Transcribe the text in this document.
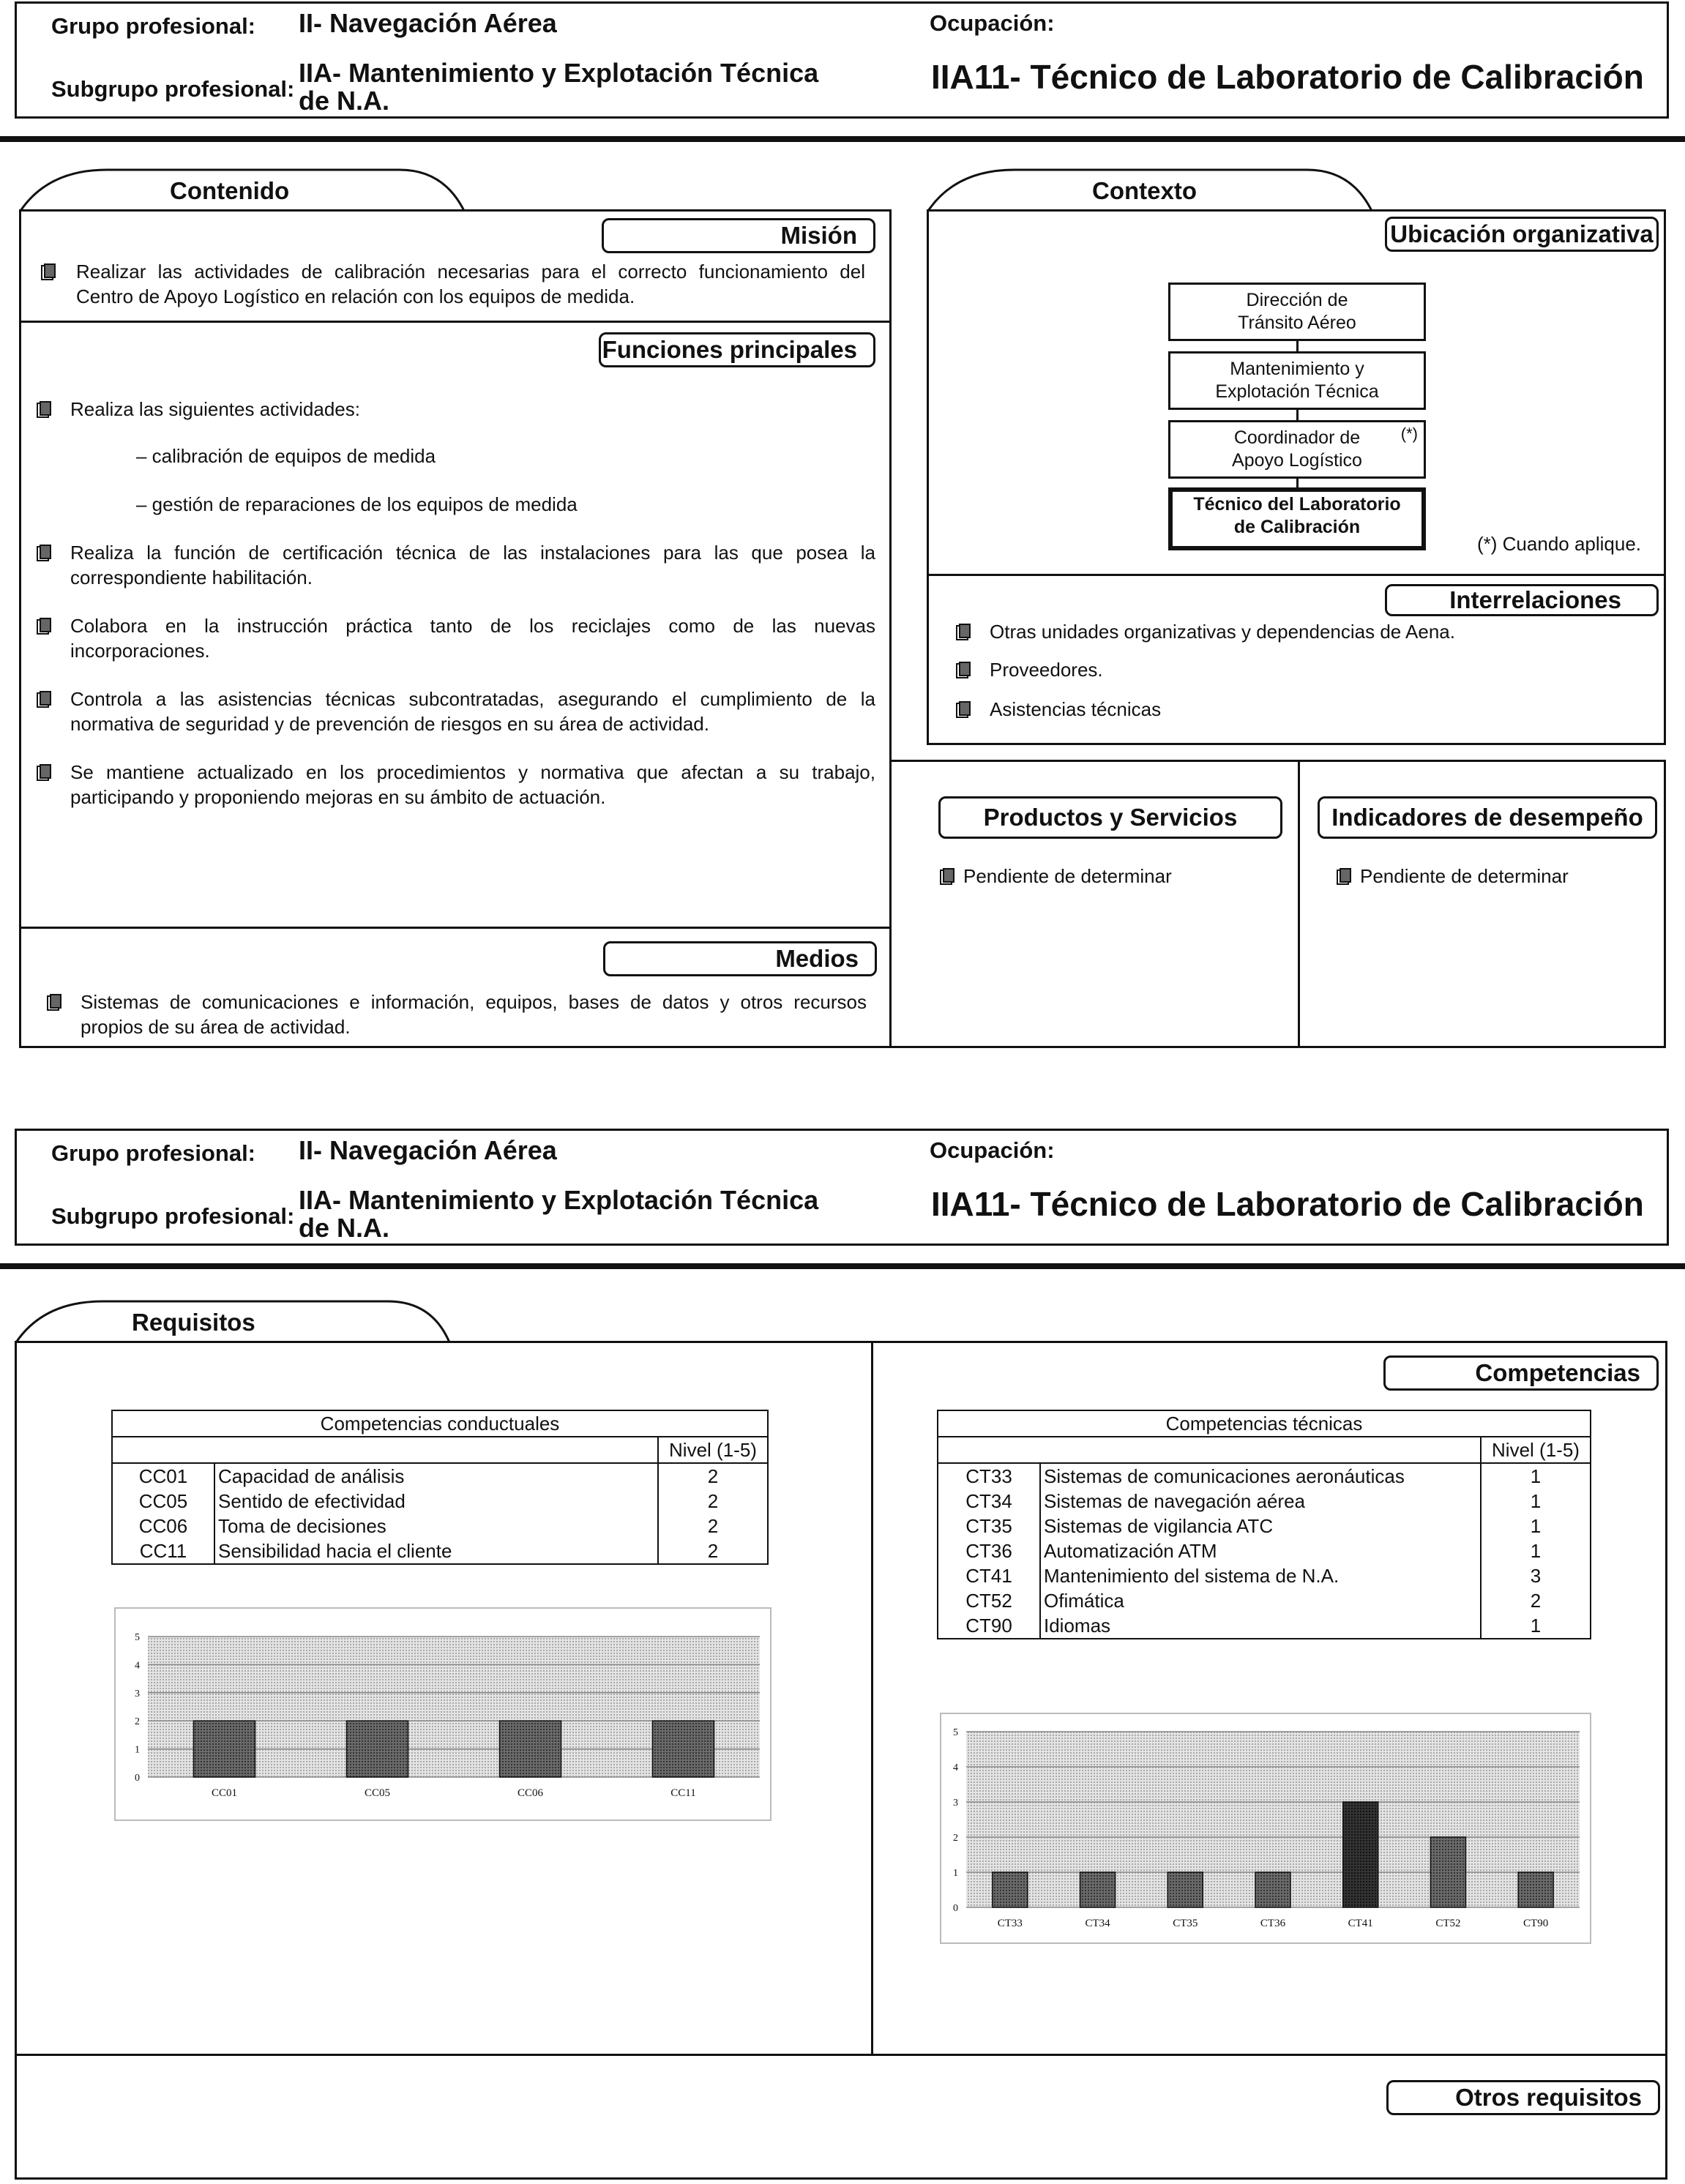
Grupo profesional: II- Navegación Aérea
Subgrupo profesional:
IIA- Mantenimiento y Explotación Técnica
de N.A.
Ocupación:
IIA11- Técnico de Laboratorio de Calibración
Contenido
Misión
Realizar las actividades de calibración necesarias para el correcto funcionamiento del
Centro de Apoyo Logístico en relación con los equipos de medida.
Funciones principales
Realiza las siguientes actividades:
– calibración de equipos de medida
– gestión de reparaciones de los equipos de medida
Realiza la función de certificación técnica de las instalaciones para las que posea la
correspondiente habilitación.
Colabora en la instrucción práctica tanto de los reciclajes como de las nuevas
incorporaciones.
Controla a las asistencias técnicas subcontratadas, asegurando el cumplimiento de la
normativa de seguridad y de prevención de riesgos en su área de actividad.
Se mantiene actualizado en los procedimientos y normativa que afectan a su trabajo,
participando y proponiendo mejoras en su ámbito de actuación.
Medios
Sistemas de comunicaciones e información, equipos, bases de datos y otros recursos
propios de su área de actividad.
Contexto
Ubicación organizativa
Dirección de
Tránsito Aéreo
Mantenimiento y
Explotación Técnica
Coordinador de
Apoyo Logístico
(*)
Técnico del Laboratorio
de Calibración
(*) Cuando aplique.
Interrelaciones
Otras unidades organizativas y dependencias de Aena.
Proveedores.
Asistencias técnicas
Productos y Servicios
Pendiente de determinar
Indicadores de desempeño
Pendiente de determinar
Grupo profesional: II- Navegación Aérea
Subgrupo profesional:
IIA- Mantenimiento y Explotación Técnica
de N.A.
Ocupación:
IIA11- Técnico de Laboratorio de Calibración
Requisitos
Competencias
Otros requisitos
Competencias conductuales		
		Nivel (1-5)
CC01	Capacidad de análisis	2
CC05	Sentido de efectividad	2
CC06	Toma de decisiones	2
CC11	Sensibilidad hacia el cliente	2
Competencias técnicas		
		Nivel (1-5)
CT33	Sistemas de comunicaciones aeronáuticas	1
CT34	Sistemas de navegación aérea	1
CT35	Sistemas de vigilancia ATC	1
CT36	Automatización ATM	1
CT41	Mantenimiento del sistema de N.A.	3
CT52	Ofimática	2
CT90	Idiomas	1
0
1
2
3
4
5
CC01	CC05	CC06	CC11
0
1
2
3
4
5
CT33	CT34	CT35	CT36	CT41	CT52	CT90
